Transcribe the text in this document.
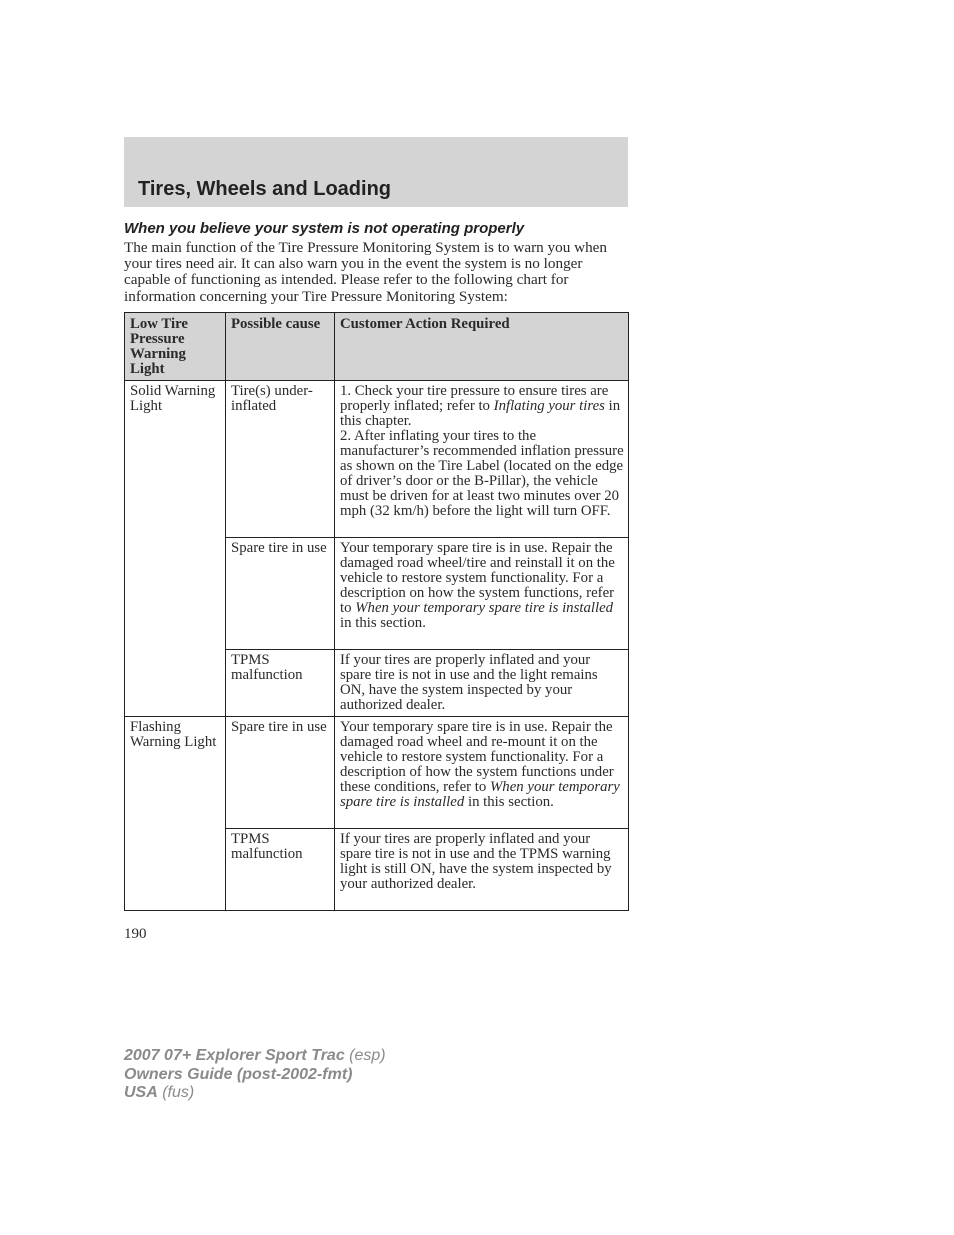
Tires, Wheels and Loading
When you believe your system is not operating properly

The main function of the Tire Pressure Monitoring System is to warn you when your tires need air. It can also warn you in the event the system is no longer capable of functioning as intended. Please refer to the following chart for information concerning your Tire Pressure Monitoring System:

Low Tire Pressure Warning Light	Possible cause	Customer Action Required
Solid Warning Light	Tire(s) under-inflated	1. Check your tire pressure to ensure tires are properly inflated; refer to Inflating your tires in this chapter.
2. After inflating your tires to the manufacturer’s recommended inflation pressure as shown on the Tire Label (located on the edge of driver’s door or the B-Pillar), the vehicle must be driven for at least two minutes over 20 mph (32 km/h) before the light will turn OFF.
	Spare tire in use	Your temporary spare tire is in use. Repair the damaged road wheel/tire and reinstall it on the vehicle to restore system functionality. For a description on how the system functions, refer to When your temporary spare tire is installed in this section.
	TPMS malfunction	If your tires are properly inflated and your spare tire is not in use and the light remains ON, have the system inspected by your authorized dealer.
Flashing Warning Light	Spare tire in use	Your temporary spare tire is in use. Repair the damaged road wheel and re-mount it on the vehicle to restore system functionality. For a description of how the system functions under these conditions, refer to When your temporary spare tire is installed in this section.
	TPMS malfunction	If your tires are properly inflated and your spare tire is not in use and the TPMS warning light is still ON, have the system inspected by your authorized dealer.

190

2007 07+ Explorer Sport Trac (esp)
Owners Guide (post-2002-fmt)
USA (fus)
